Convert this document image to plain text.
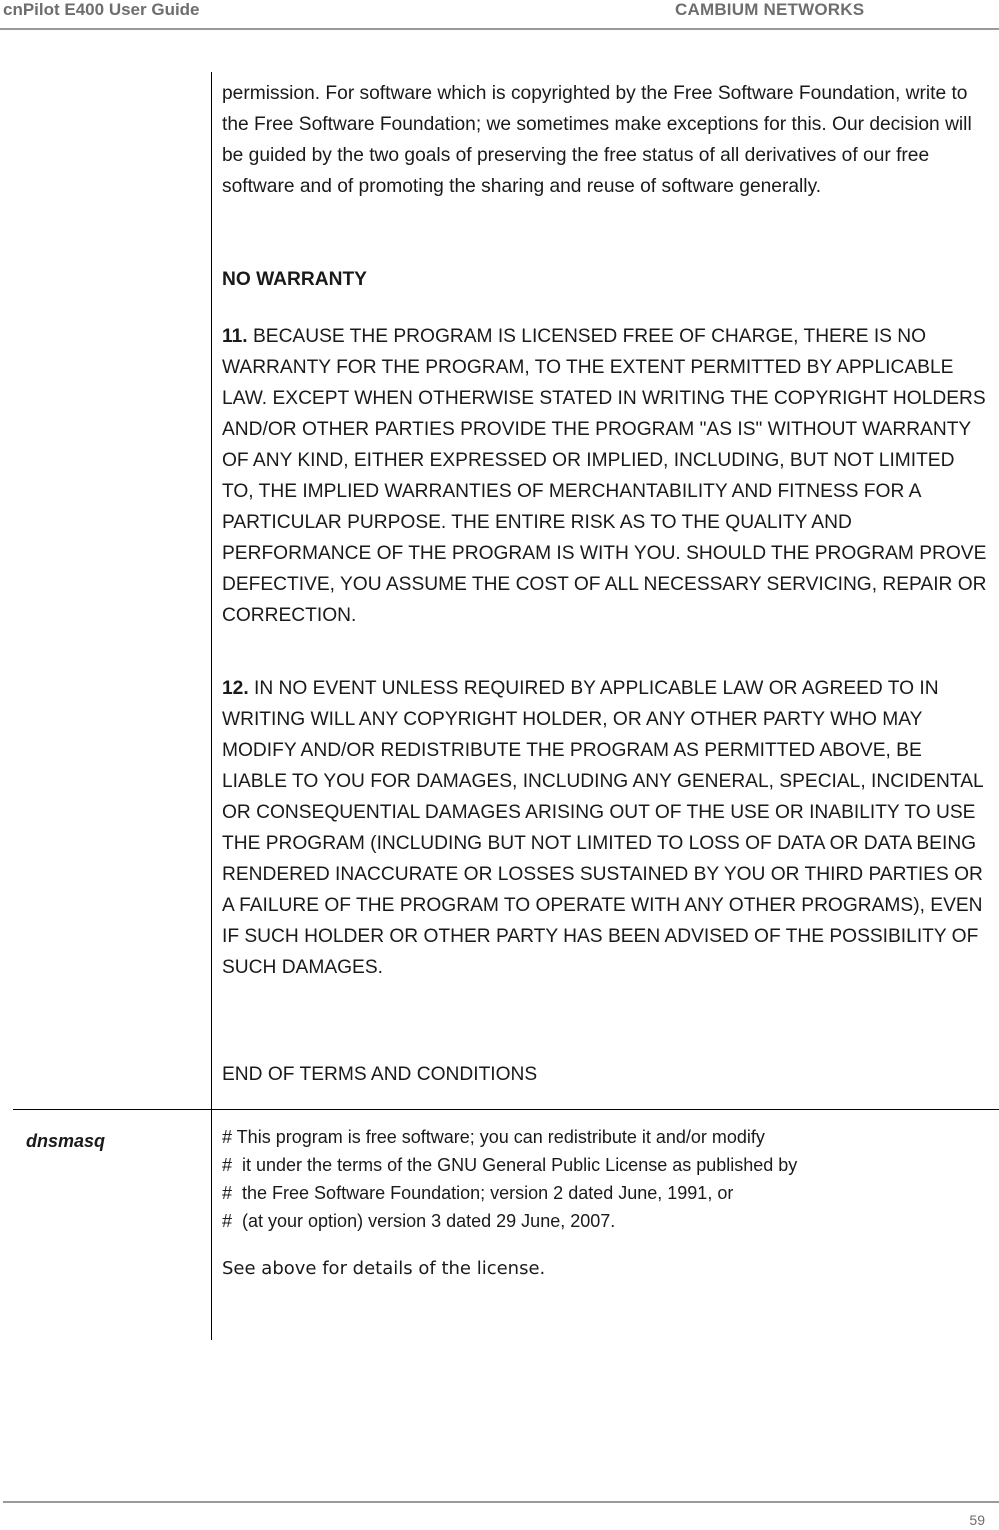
cnPilot E400 User Guide	CAMBIUM NETWORKS

permission. For software which is copyrighted by the Free Software Foundation, write to the Free Software Foundation; we sometimes make exceptions for this. Our decision will be guided by the two goals of preserving the free status of all derivatives of our free software and of promoting the sharing and reuse of software generally.

NO WARRANTY

11. BECAUSE THE PROGRAM IS LICENSED FREE OF CHARGE, THERE IS NO WARRANTY FOR THE PROGRAM, TO THE EXTENT PERMITTED BY APPLICABLE LAW. EXCEPT WHEN OTHERWISE STATED IN WRITING THE COPYRIGHT HOLDERS AND/OR OTHER PARTIES PROVIDE THE PROGRAM "AS IS" WITHOUT WARRANTY OF ANY KIND, EITHER EXPRESSED OR IMPLIED, INCLUDING, BUT NOT LIMITED TO, THE IMPLIED WARRANTIES OF MERCHANTABILITY AND FITNESS FOR A PARTICULAR PURPOSE. THE ENTIRE RISK AS TO THE QUALITY AND PERFORMANCE OF THE PROGRAM IS WITH YOU. SHOULD THE PROGRAM PROVE DEFECTIVE, YOU ASSUME THE COST OF ALL NECESSARY SERVICING, REPAIR OR CORRECTION.

12. IN NO EVENT UNLESS REQUIRED BY APPLICABLE LAW OR AGREED TO IN WRITING WILL ANY COPYRIGHT HOLDER, OR ANY OTHER PARTY WHO MAY MODIFY AND/OR REDISTRIBUTE THE PROGRAM AS PERMITTED ABOVE, BE LIABLE TO YOU FOR DAMAGES, INCLUDING ANY GENERAL, SPECIAL, INCIDENTAL OR CONSEQUENTIAL DAMAGES ARISING OUT OF THE USE OR INABILITY TO USE THE PROGRAM (INCLUDING BUT NOT LIMITED TO LOSS OF DATA OR DATA BEING RENDERED INACCURATE OR LOSSES SUSTAINED BY YOU OR THIRD PARTIES OR A FAILURE OF THE PROGRAM TO OPERATE WITH ANY OTHER PROGRAMS), EVEN IF SUCH HOLDER OR OTHER PARTY HAS BEEN ADVISED OF THE POSSIBILITY OF SUCH DAMAGES.

END OF TERMS AND CONDITIONS
dnsmasq	# This program is free software; you can redistribute it and/or modify
#  it under the terms of the GNU General Public License as published by
#  the Free Software Foundation; version 2 dated June, 1991, or
#  (at your option) version 3 dated 29 June, 2007.
See above for details of the license.
59
